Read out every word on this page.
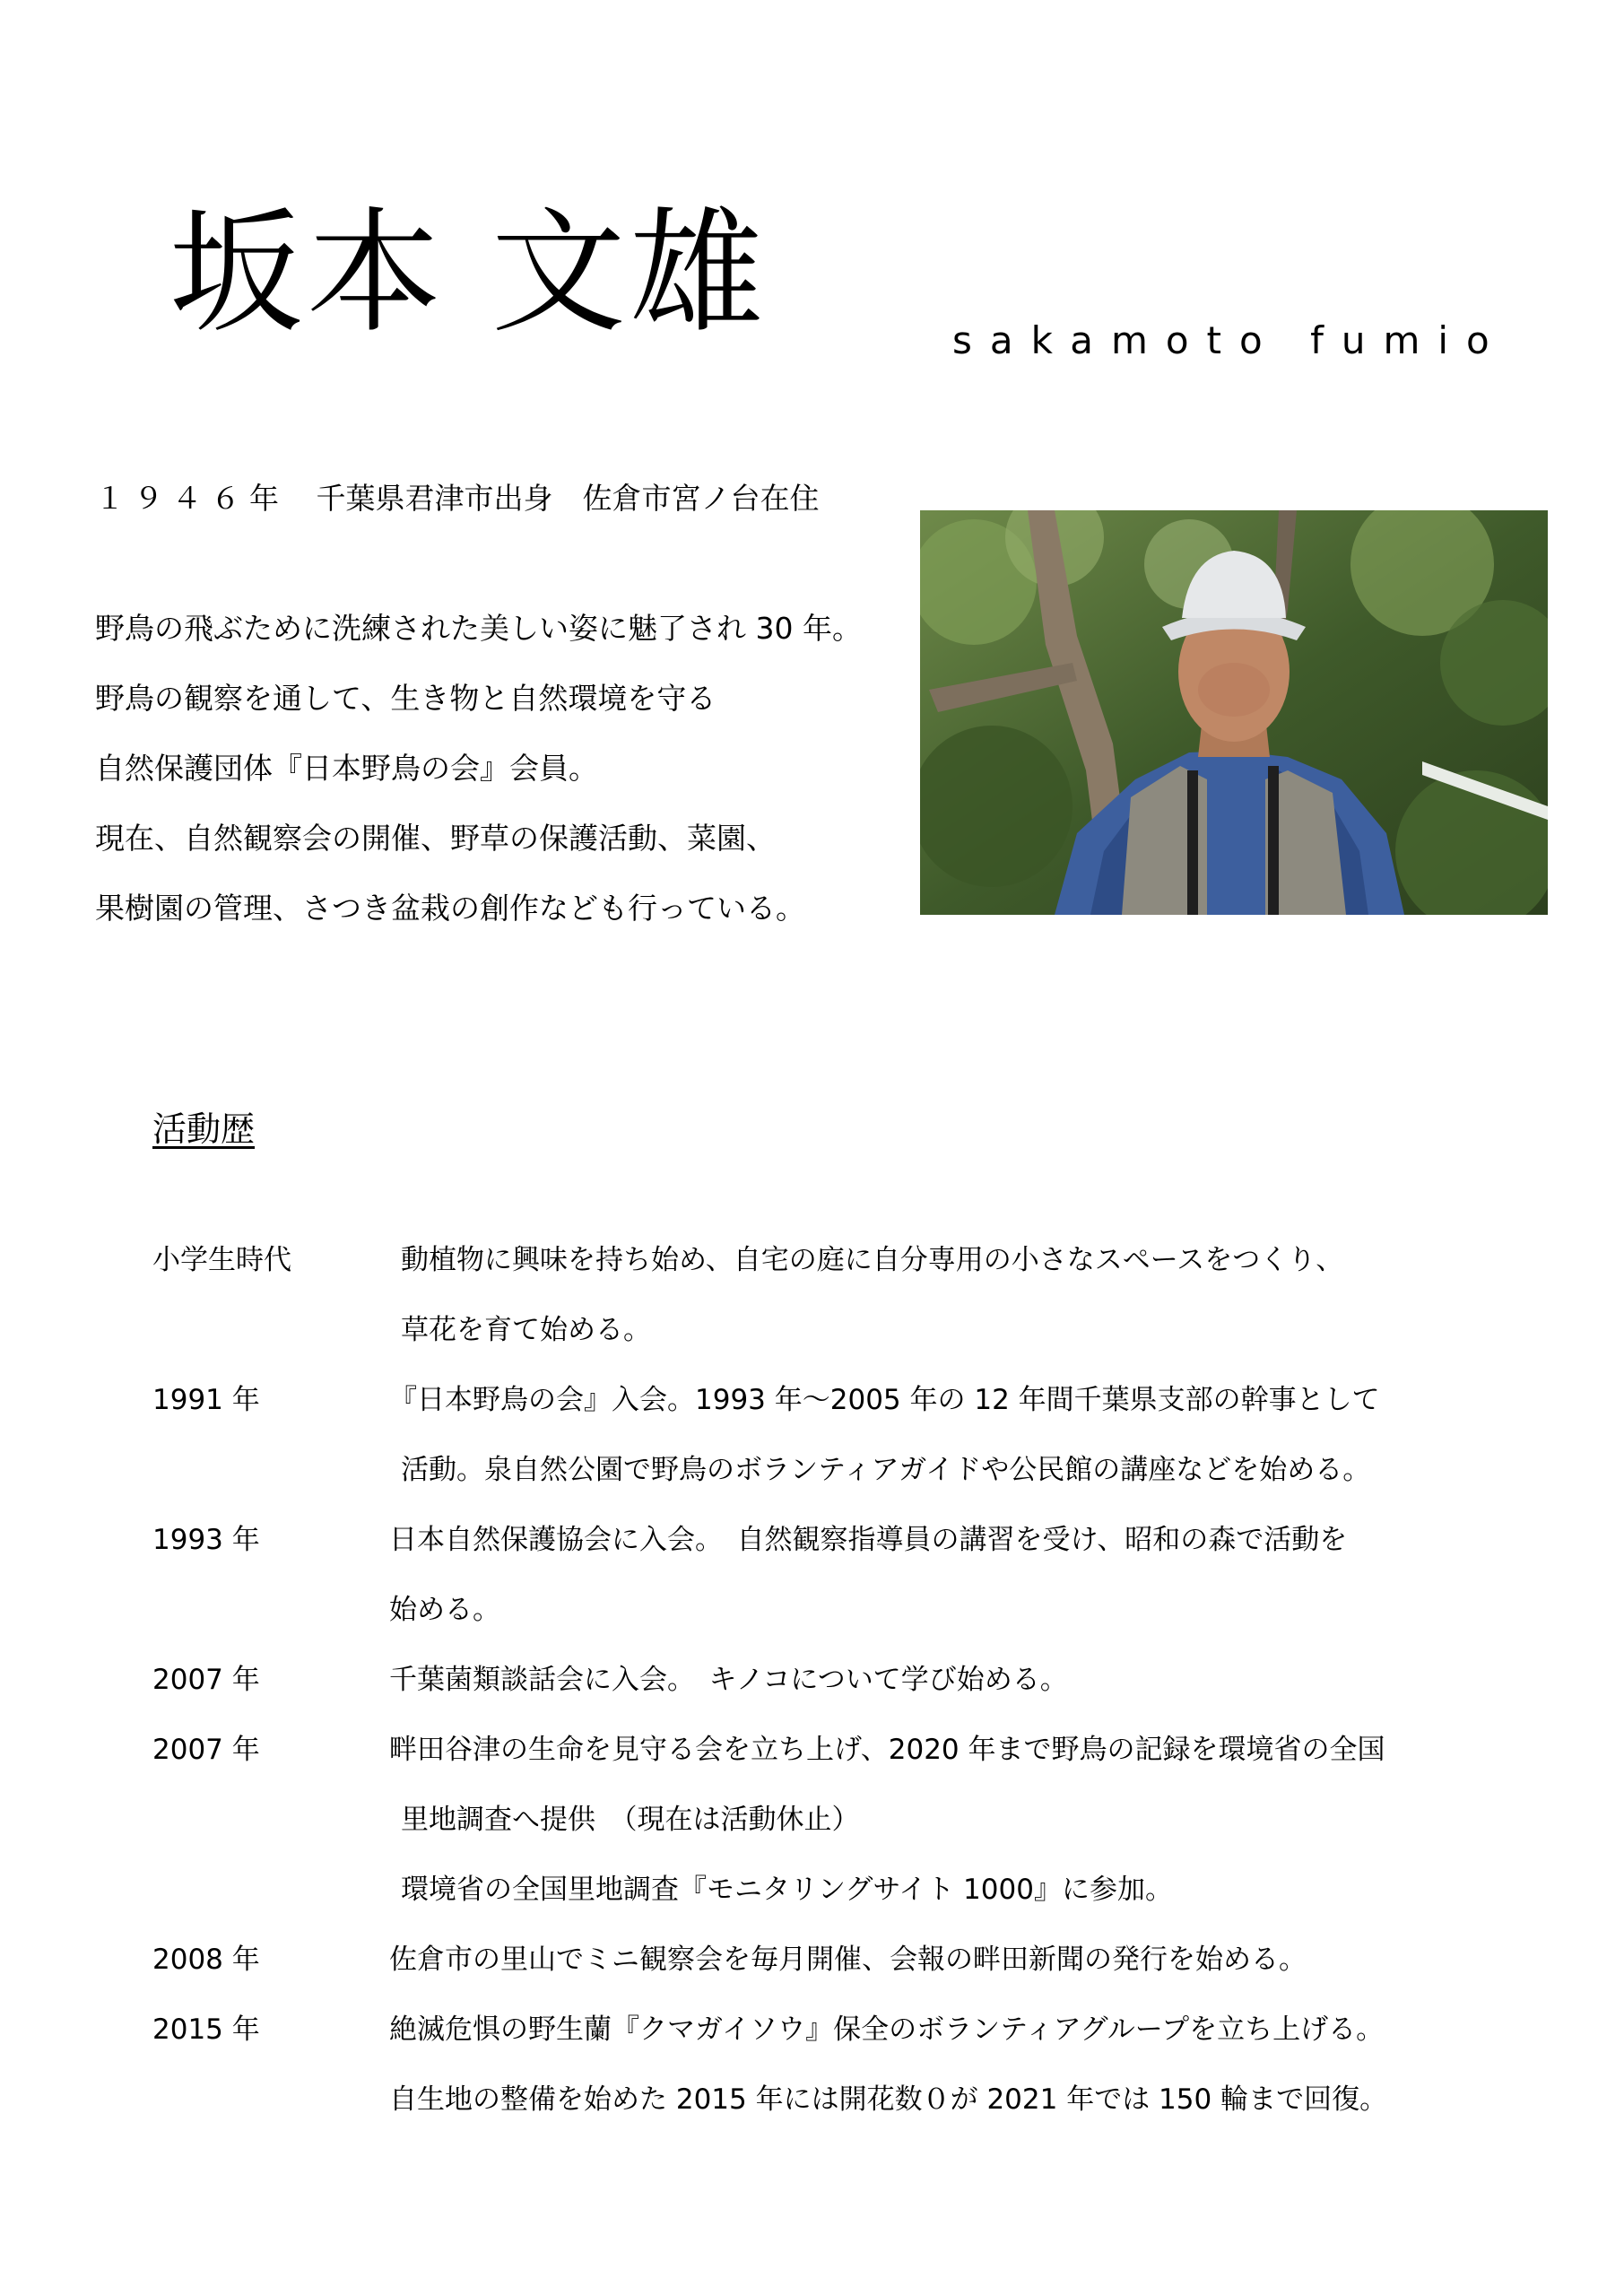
坂本 文雄	sakamoto fumio
１９４６年 千葉県君津市出身　佐倉市宮ノ台在住
野鳥の飛ぶために洗練された美しい姿に魅了され 30 年。
野鳥の観察を通して、生き物と自然環境を守る
自然保護団体『日本野鳥の会』会員。
現在、自然観察会の開催、野草の保護活動、菜園、
果樹園の管理、さつき盆栽の創作なども行っている。
活動歴
小学生時代	動植物に興味を持ち始め、自宅の庭に自分専用の小さなスペースをつくり、
草花を育て始める。
1991 年	『日本野鳥の会』入会。1993 年～2005 年の 12 年間千葉県支部の幹事として
活動。泉自然公園で野鳥のボランティアガイドや公民館の講座などを始める。
1993 年	日本自然保護協会に入会。　自然観察指導員の講習を受け、昭和の森で活動を
始める。
2007 年	千葉菌類談話会に入会。　キノコについて学び始める。
2007 年	畔田谷津の生命を見守る会を立ち上げ、2020 年まで野鳥の記録を環境省の全国
里地調査へ提供　（現在は活動休止）
環境省の全国里地調査『モニタリングサイト 1000』に参加。
2008 年	佐倉市の里山でミニ観察会を毎月開催、会報の畔田新聞の発行を始める。
2015 年	絶滅危惧の野生蘭『クマガイソウ』保全のボランティアグループを立ち上げる。
自生地の整備を始めた 2015 年には開花数０が 2021 年では 150 輪まで回復。
